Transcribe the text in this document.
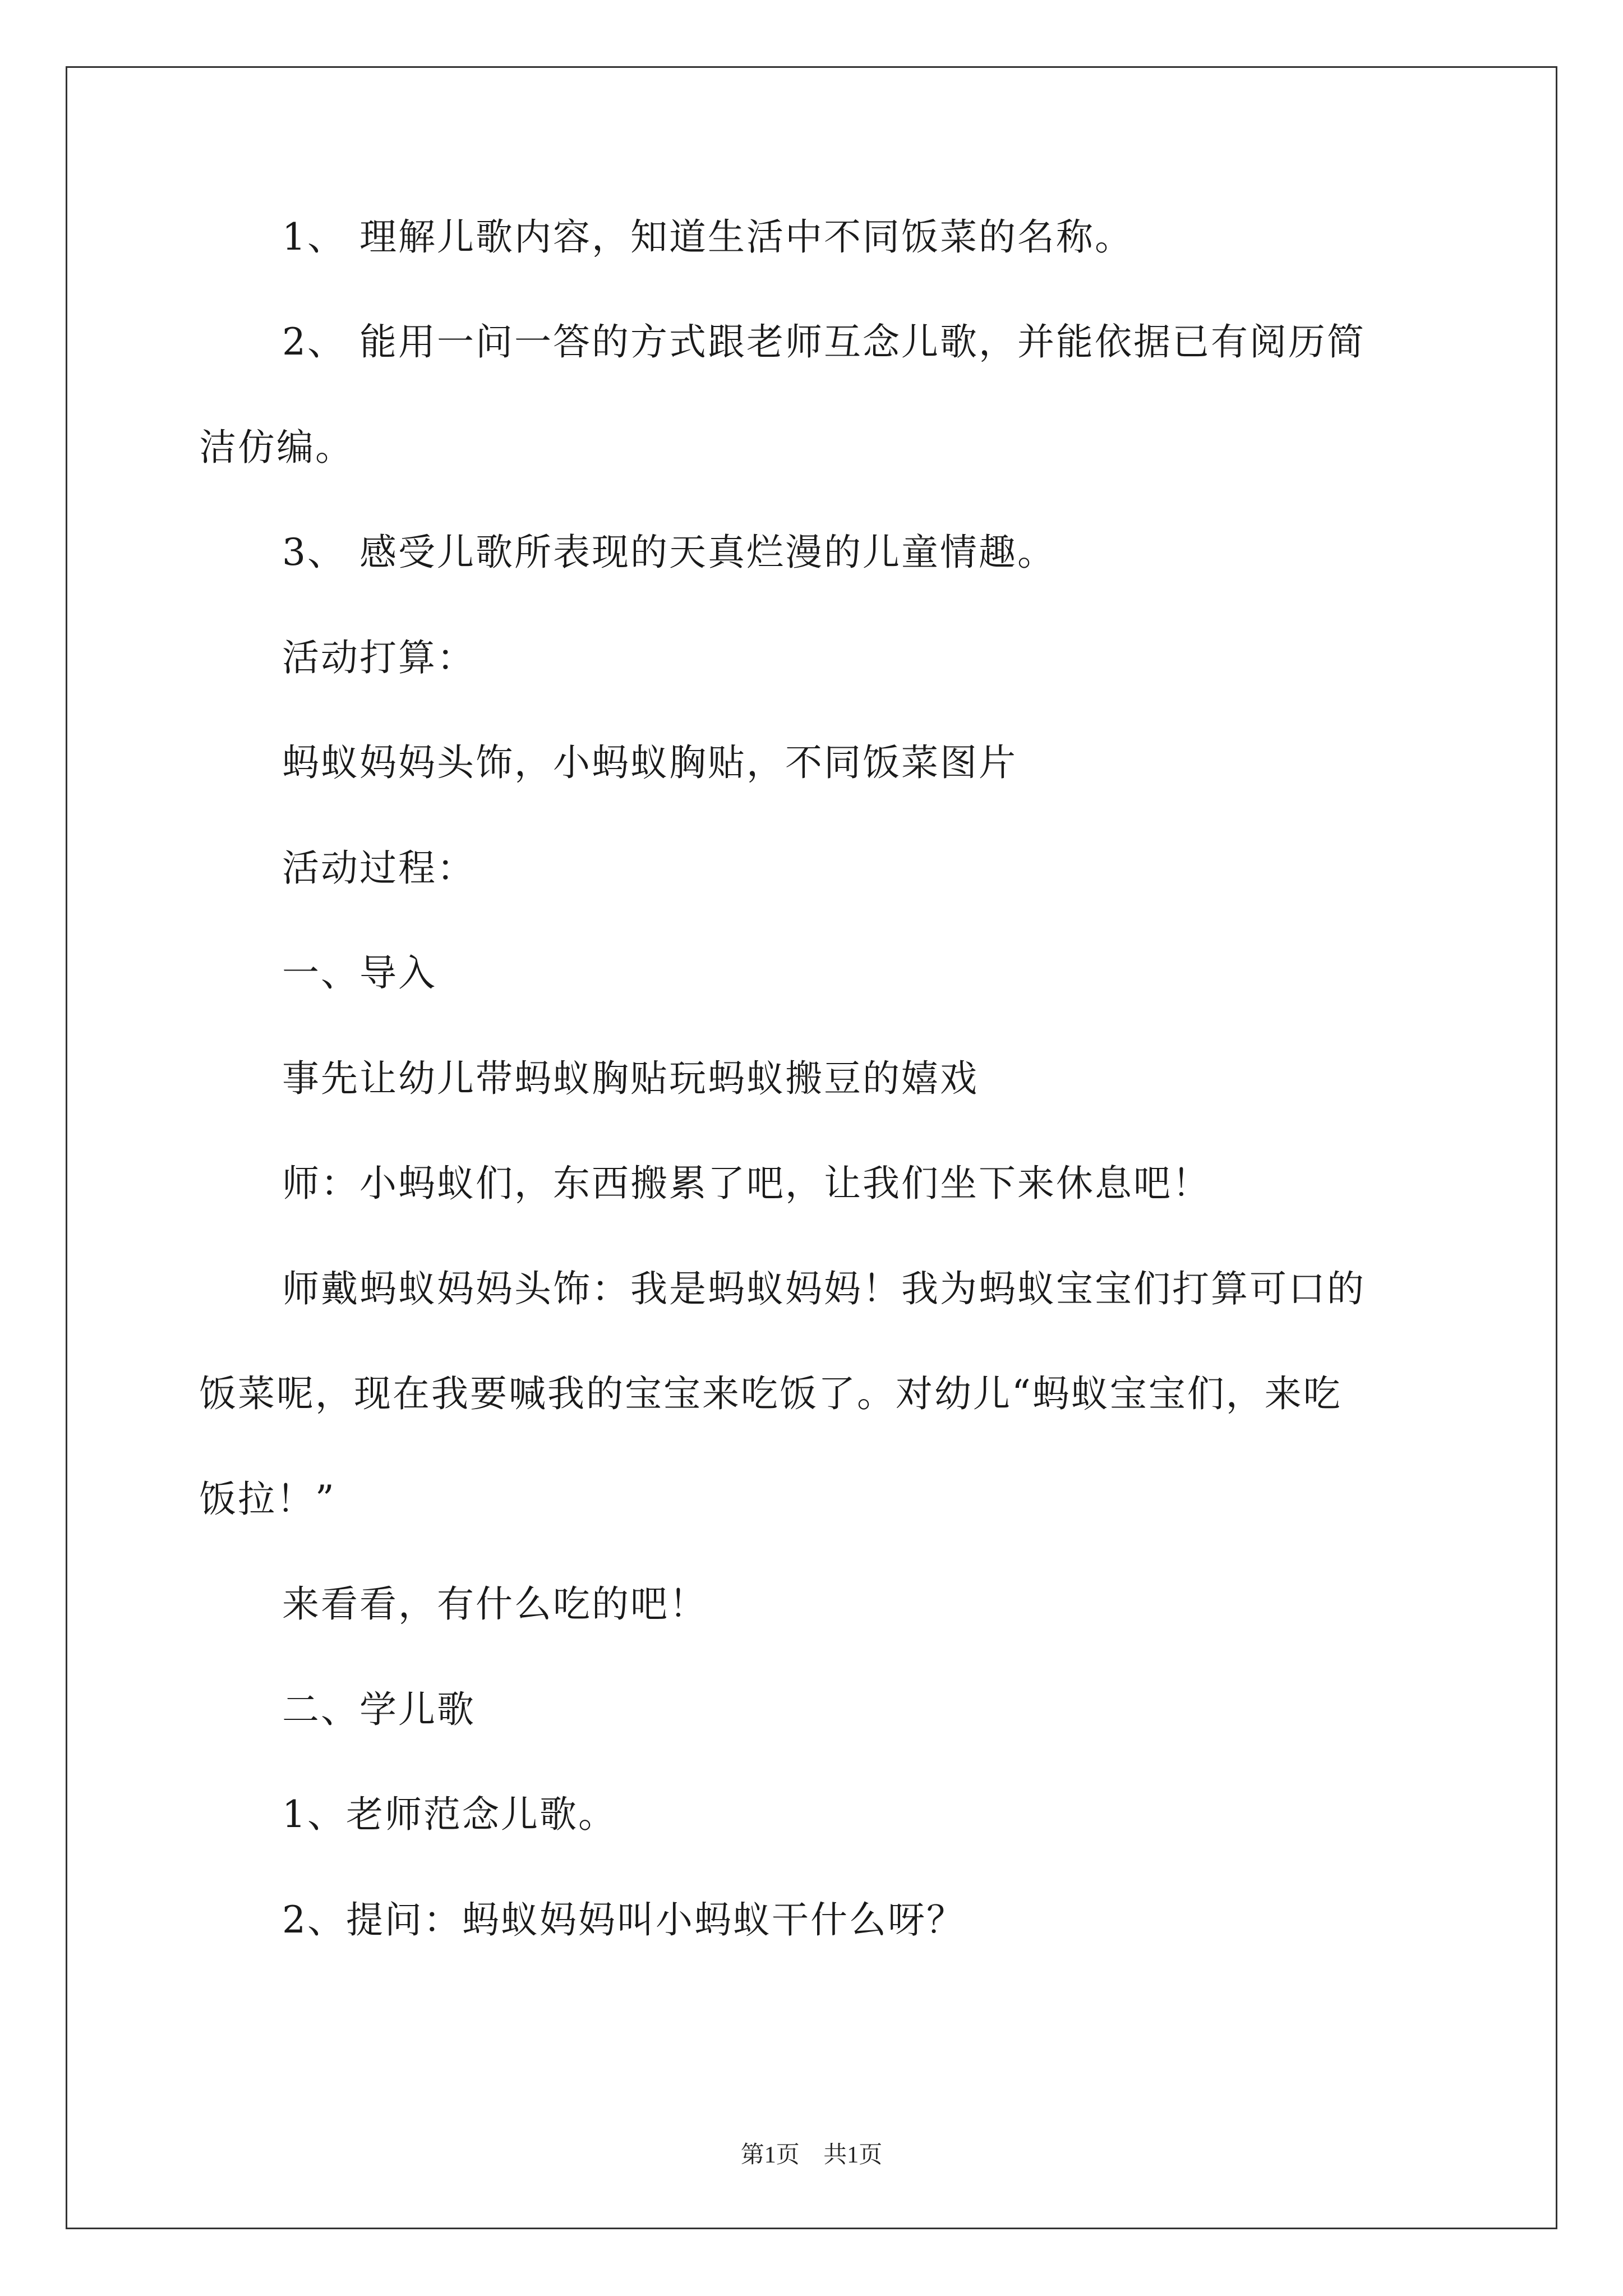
1、 理解儿歌内容，知道生活中不同饭菜的名称。

2、 能用一问一答的方式跟老师互念儿歌，并能依据已有阅历简

洁仿编。

3、 感受儿歌所表现的天真烂漫的儿童情趣。

活动打算：

蚂蚁妈妈头饰，小蚂蚁胸贴，不同饭菜图片

活动过程：

一、导入

事先让幼儿带蚂蚁胸贴玩蚂蚁搬豆的嬉戏

师：小蚂蚁们，东西搬累了吧，让我们坐下来休息吧！

师戴蚂蚁妈妈头饰：我是蚂蚁妈妈！我为蚂蚁宝宝们打算可口的

饭菜呢，现在我要喊我的宝宝来吃饭了。对幼儿“蚂蚁宝宝们，来吃

饭拉！”

来看看，有什么吃的吧！

二、学儿歌

1、老师范念儿歌。

2、提问：蚂蚁妈妈叫小蚂蚁干什么呀？

第1页 共1页
